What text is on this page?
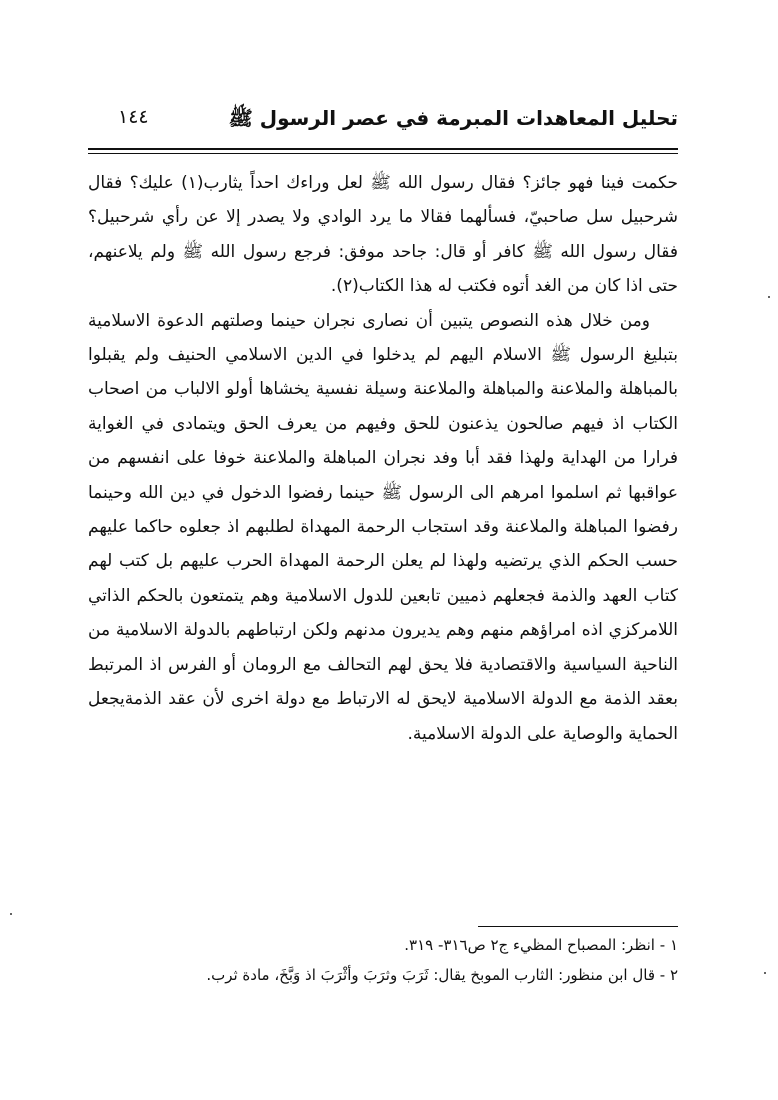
تحليل المعاهدات المبرمة في عصر الرسول ﷺ
١٤٤

حكمت فينا فهو جائز؟ فقال رسول الله ﷺ لعل وراءك احداً يثارب(١) عليك؟ فقال شرحبيل سل صاحبيّ، فسألهما فقالا ما يرد الوادي ولا يصدر إلا عن رأي شرحبيل؟ فقال رسول الله ﷺ كافر أو قال: جاحد موفق: فرجع رسول الله ﷺ ولم يلاعنهم، حتى اذا كان من الغد أتوه فكتب له هذا الكتاب(٢).

ومن خلال هذه النصوص يتبين أن نصارى نجران حينما وصلتهم الدعوة الاسلامية بتبليغ الرسول ﷺ الاسلام اليهم لم يدخلوا في الدين الاسلامي الحنيف ولم يقبلوا بالمباهلة والملاعنة والمباهلة والملاعنة وسيلة نفسية يخشاها أولو الالباب من اصحاب الكتاب اذ فيهم صالحون يذعنون للحق وفيهم من يعرف الحق ويتمادى في الغواية فرارا من الهداية ولهذا فقد أبا وفد نجران المباهلة والملاعنة خوفا على انفسهم من عواقبها ثم اسلموا امرهم الى الرسول ﷺ حينما رفضوا الدخول في دين الله وحينما رفضوا المباهلة والملاعنة وقد استجاب الرحمة المهداة لطلبهم اذ جعلوه حاكما عليهم حسب الحكم الذي يرتضيه ولهذا لم يعلن الرحمة المهداة الحرب عليهم بل كتب لهم كتاب العهد والذمة فجعلهم ذميين تابعين للدول الاسلامية وهم يتمتعون بالحكم الذاتي اللامركزي اذه امراؤهم منهم وهم يديرون مدنهم ولكن ارتباطهم بالدولة الاسلامية من الناحية السياسية والاقتصادية فلا يحق لهم التحالف مع الرومان أو الفرس اذ المرتبط بعقد الذمة مع الدولة الاسلامية لايحق له الارتباط مع دولة اخرى لأن عقد الذمةيجعل الحماية والوصاية على الدولة الاسلامية.

١ - انظر: المصباح المظيء ج٢ ص٣١٦- ٣١٩.
٢ - قال ابن منظور: الثارب الموبخ يقال: ثَرَبَ وثرَبَ وأثْرَبَ اذ وَبَّخَ، مادة ثرب.
